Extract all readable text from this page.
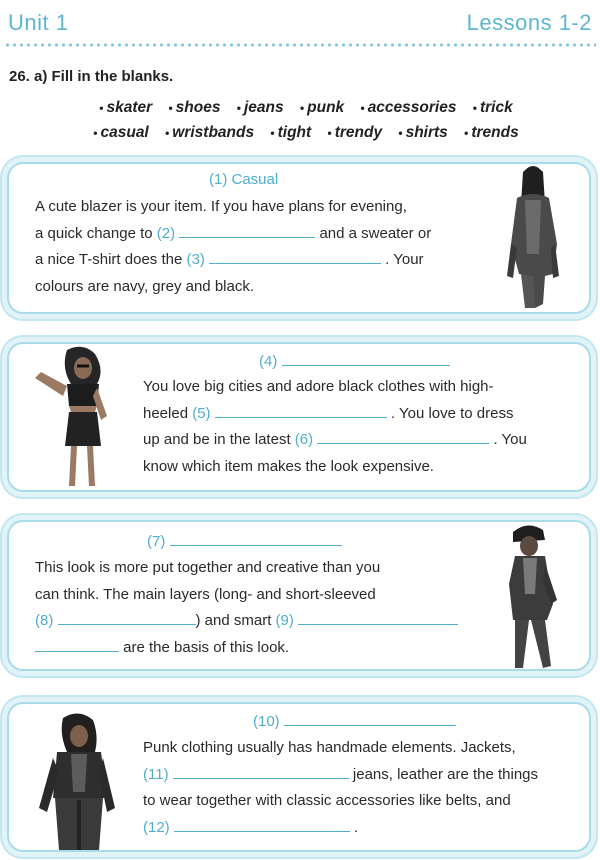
Unit 1	Lessons 1-2
26. a) Fill in the blanks.
• skater • shoes • jeans • punk • accessories • trick
• casual • wristbands • tight • trendy • shirts • trends
(1) Casual
A cute blazer is your item. If you have plans for evening,
a quick change to (2)	and a sweater or
a nice T-shirt does the (3)	. Your
colours are navy, grey and black.
(4)
You love big cities and adore black clothes with high-
heeled (5)	. You love to dress
up and be in the latest (6)	. You
know which item makes the look expensive.
(7)
This look is more put together and creative than you
can think. The main layers (long- and short-sleeved
(8)	) and smart (9)
are the basis of this look.
(10)
Punk clothing usually has handmade elements. Jackets,
(11)	jeans, leather are the things
to wear together with classic accessories like belts, and
(12)	.
